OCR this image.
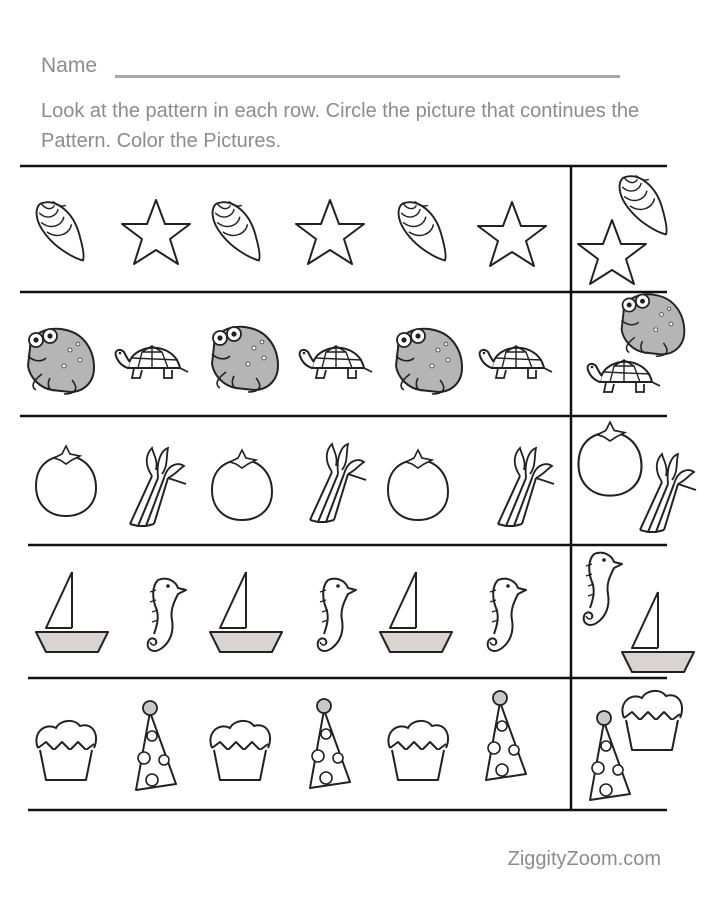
Name
Look at the pattern in each row. Circle the picture that continues the Pattern. Color the Pictures.
ZiggityZoom.com
